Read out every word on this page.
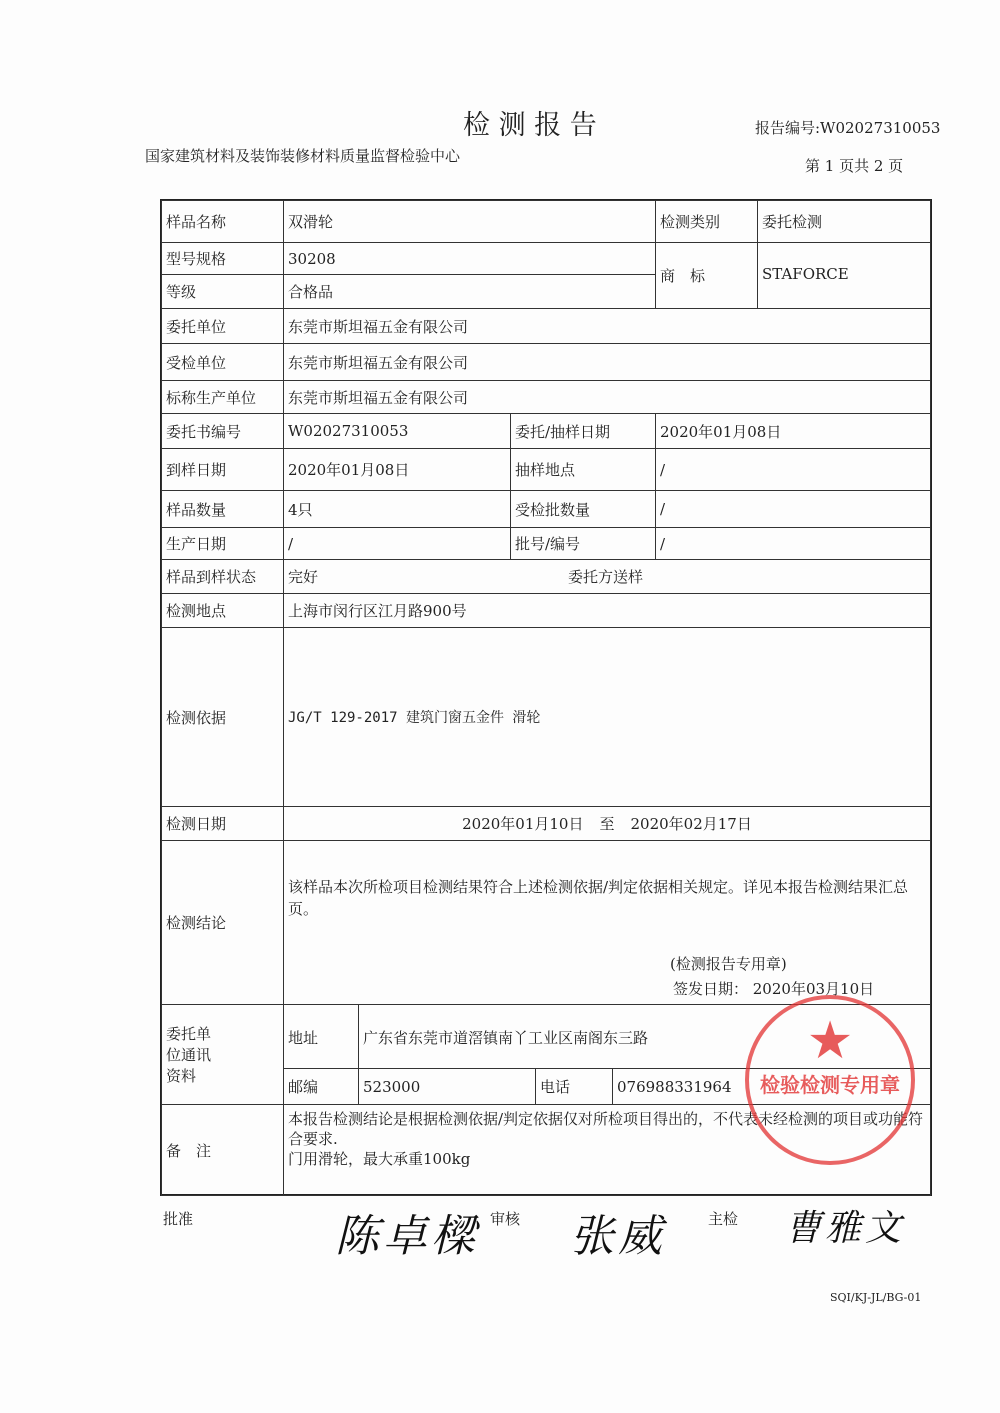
检 测 报 告
国家建筑材料及装饰装修材料质量监督检验中心
报告编号:W02027310053
第 1 页共 2 页
样品名称	双滑轮	检测类别	委托检测
型号规格	30208
商　标	STAFORCE
等级	合格品
委托单位	东莞市斯坦福五金有限公司
受检单位	东莞市斯坦福五金有限公司
标称生产单位	东莞市斯坦福五金有限公司
委托书编号	W02027310053	委托/抽样日期	2020年01月08日
到样日期	2020年01月08日	抽样地点	/
样品数量	4只	受检批数量	/
生产日期	/	批号/编号	/
样品到样状态	完好	委托方送样
检测地点	上海市闵行区江月路900号
检测依据	JG/T 129-2017 建筑门窗五金件 滑轮
检测日期	2020年01月10日 至 2020年02月17日
检测结论
该样品本次所检项目检测结果符合上述检测依据/判定依据相关规定。详见本报告检测结果汇总页。
(检测报告专用章)
签发日期： 2020年03月10日
委托单位通讯资料
地址	广东省东莞市道滘镇南丫工业区南阁东三路
邮编	523000	电话	076988331964
备　注
本报告检测结论是根据检测依据/判定依据仅对所检项目得出的，不代表未经检测的项目或功能符合要求.
门用滑轮，最大承重100kg
★
检验检测专用章
批准	陈卓樑 审核 张威	主检 曹雅文
SQI/KJ-JL/BG-01
